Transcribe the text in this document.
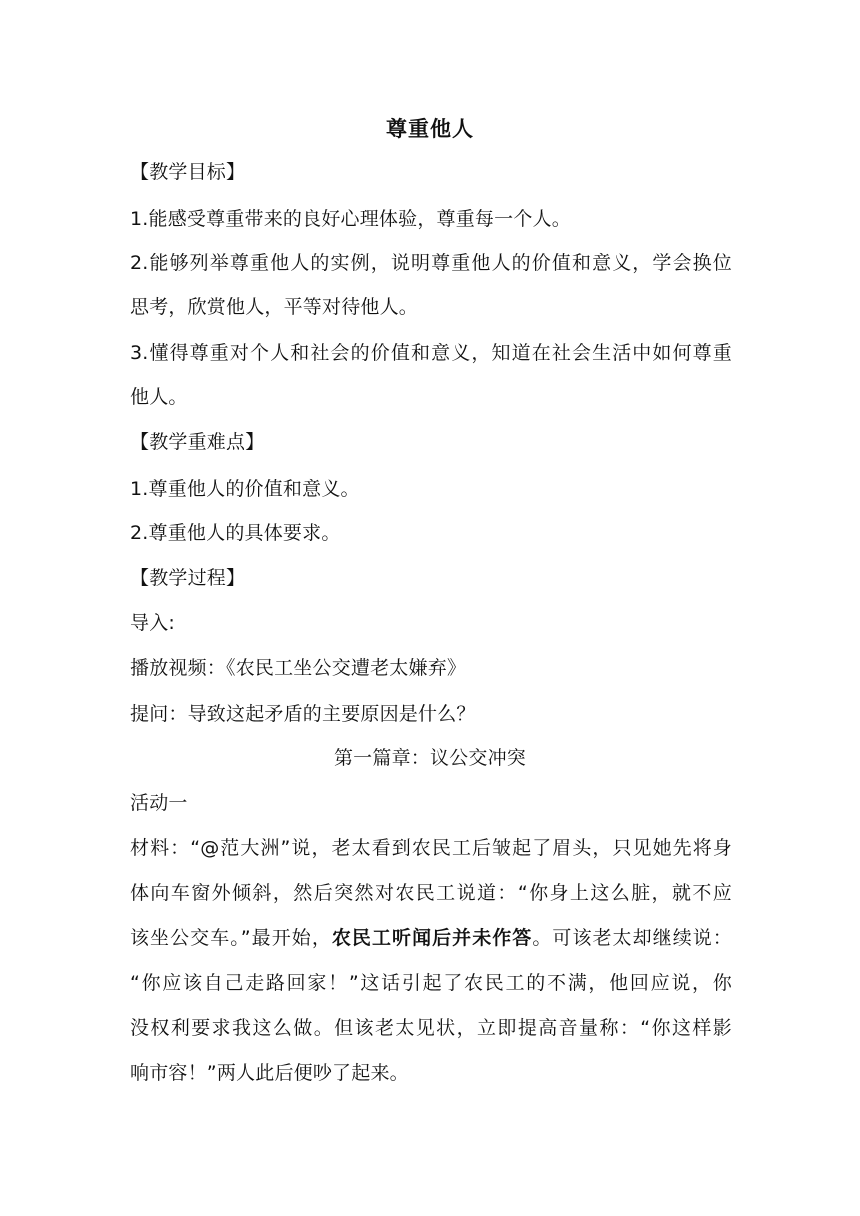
尊重他人
【教学目标】
1.能感受尊重带来的良好心理体验，尊重每一个人。
2.能够列举尊重他人的实例，说明尊重他人的价值和意义，学会换位
思考，欣赏他人，平等对待他人。
3.懂得尊重对个人和社会的价值和意义，知道在社会生活中如何尊重
他人。
【教学重难点】
1.尊重他人的价值和意义。
2.尊重他人的具体要求。
【教学过程】
导入:
播放视频：《农民工坐公交遭老太嫌弃》
提问：导致这起矛盾的主要原因是什么？
第一篇章：议公交冲突
活动一
材料：“@范大洲”说，老太看到农民工后皱起了眉头，只见她先将身
体向车窗外倾斜，然后突然对农民工说道：“你身上这么脏，就不应
该坐公交车。”最开始，农民工听闻后并未作答。可该老太却继续说：
“你应该自己走路回家！”这话引起了农民工的不满，他回应说，你
没权利要求我这么做。但该老太见状，立即提高音量称：“你这样影
响市容！”两人此后便吵了起来。
